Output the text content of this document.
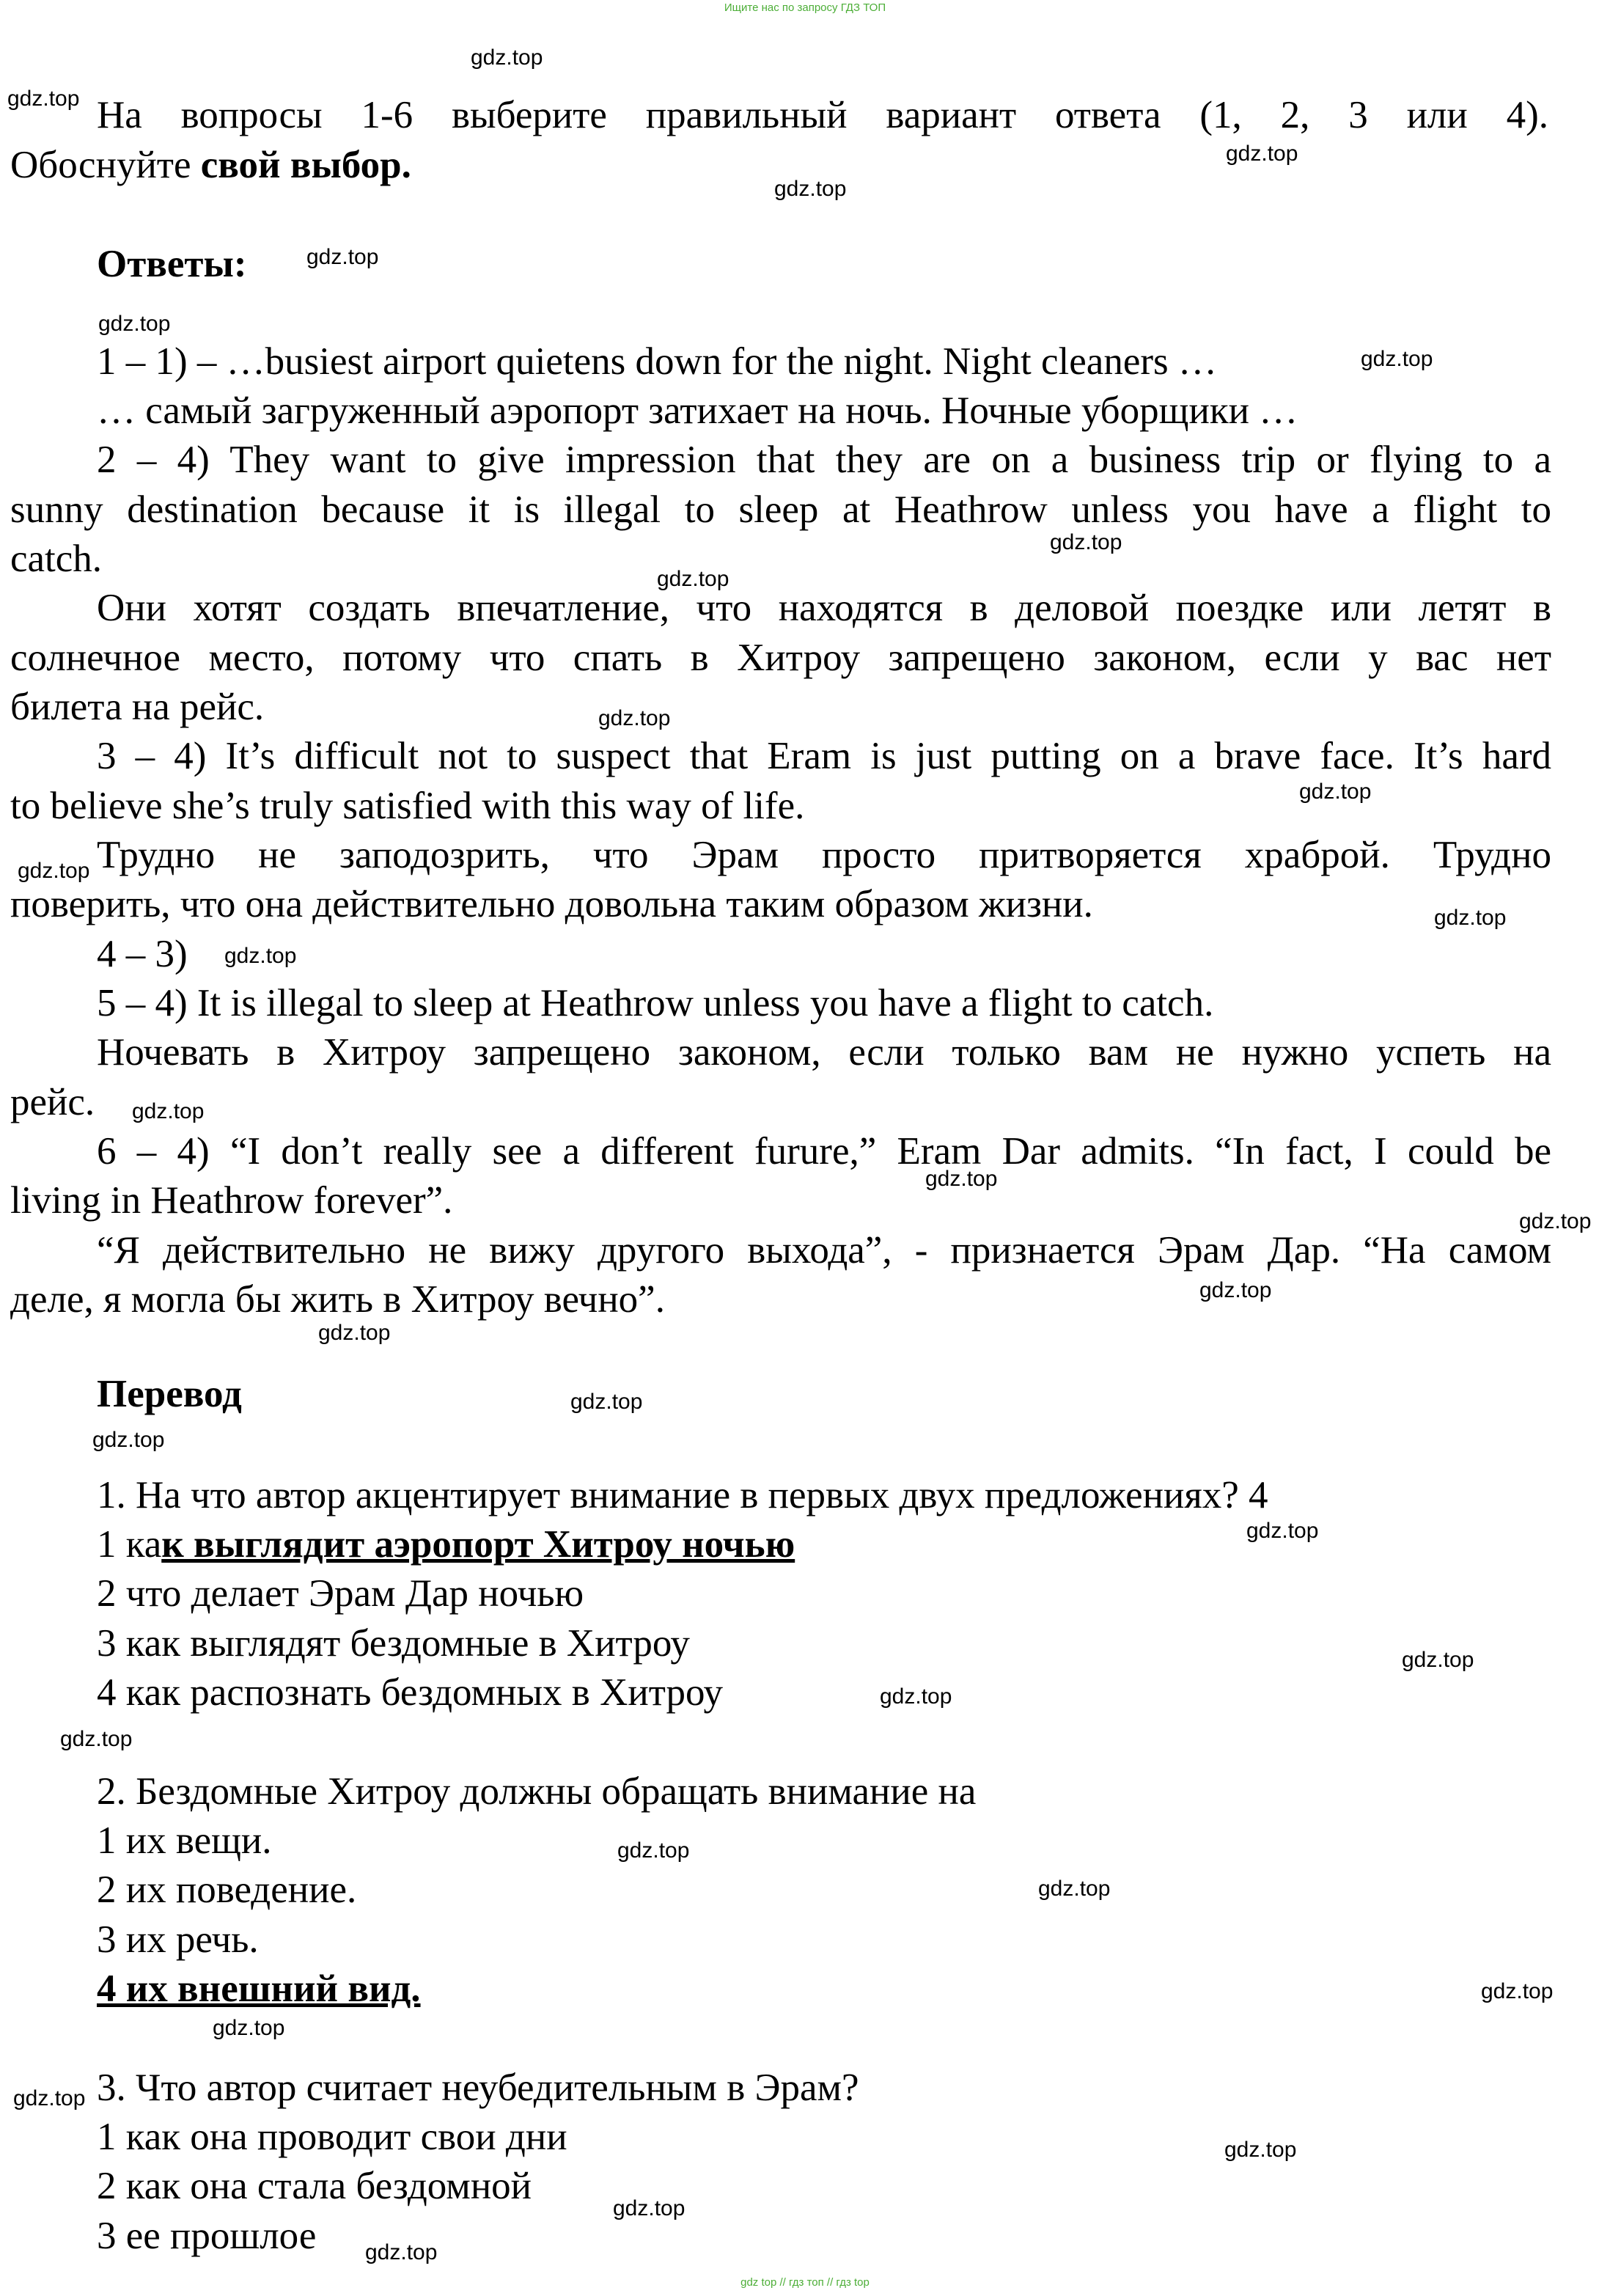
Ищите нас по запросу ГДЗ ТОП
На вопросы 1-6 выберите правильный вариант ответа (1, 2, 3 или 4).
Обоснуйте свой выбор.
Ответы:
1 – 1) – …busiest airport quietens down for the night. Night cleaners …
… самый загруженный аэропорт затихает на ночь. Ночные уборщики …
2 – 4) They want to give impression that they are on a business trip or flying to a
sunny destination because it is illegal to sleep at Heathrow unless you have a flight to
catch.
Они хотят создать впечатление, что находятся в деловой поездке или летят в
солнечное место, потому что спать в Хитроу запрещено законом, если у вас нет
билета на рейс.
3 – 4) It’s difficult not to suspect that Eram is just putting on a brave face. It’s hard
to believe she’s truly satisfied with this way of life.
Трудно не заподозрить, что Эрам просто притворяется храброй. Трудно
поверить, что она действительно довольна таким образом жизни.
4 – 3)
5 – 4) It is illegal to sleep at Heathrow unless you have a flight to catch.
Ночевать в Хитроу запрещено законом, если только вам не нужно успеть на
рейс.
6 – 4) “I don’t really see a different furure,” Eram Dar admits. “In fact, I could be
living in Heathrow forever”.
“Я действительно не вижу другого выхода”, - признается Эрам Дар. “На самом
деле, я могла бы жить в Хитроу вечно”.
Перевод
1. На что автор акцентирует внимание в первых двух предложениях? 4
1 как выглядит аэропорт Хитроу ночью
2 что делает Эрам Дар ночью
3 как выглядят бездомные в Хитроу
4 как распознать бездомных в Хитроу
2. Бездомные Хитроу должны обращать внимание на
1 их вещи.
2 их поведение.
3 их речь.
4 их внешний вид.
3. Что автор считает неубедительным в Эрам?
1 как она проводит свои дни
2 как она стала бездомной
3 ее прошлое
gdz.top
gdz.top
gdz.top
gdz.top
gdz.top
gdz.top
gdz.top
gdz.top
gdz.top
gdz.top
gdz.top
gdz.top
gdz.top
gdz.top
gdz.top
gdz.top
gdz.top
gdz.top
gdz.top
gdz.top
gdz.top
gdz.top
gdz.top
gdz.top
gdz.top
gdz.top
gdz.top
gdz.top
gdz.top
gdz.top
gdz.top
gdz.top
gdz.top
gdz top // гдз топ // гдз top
